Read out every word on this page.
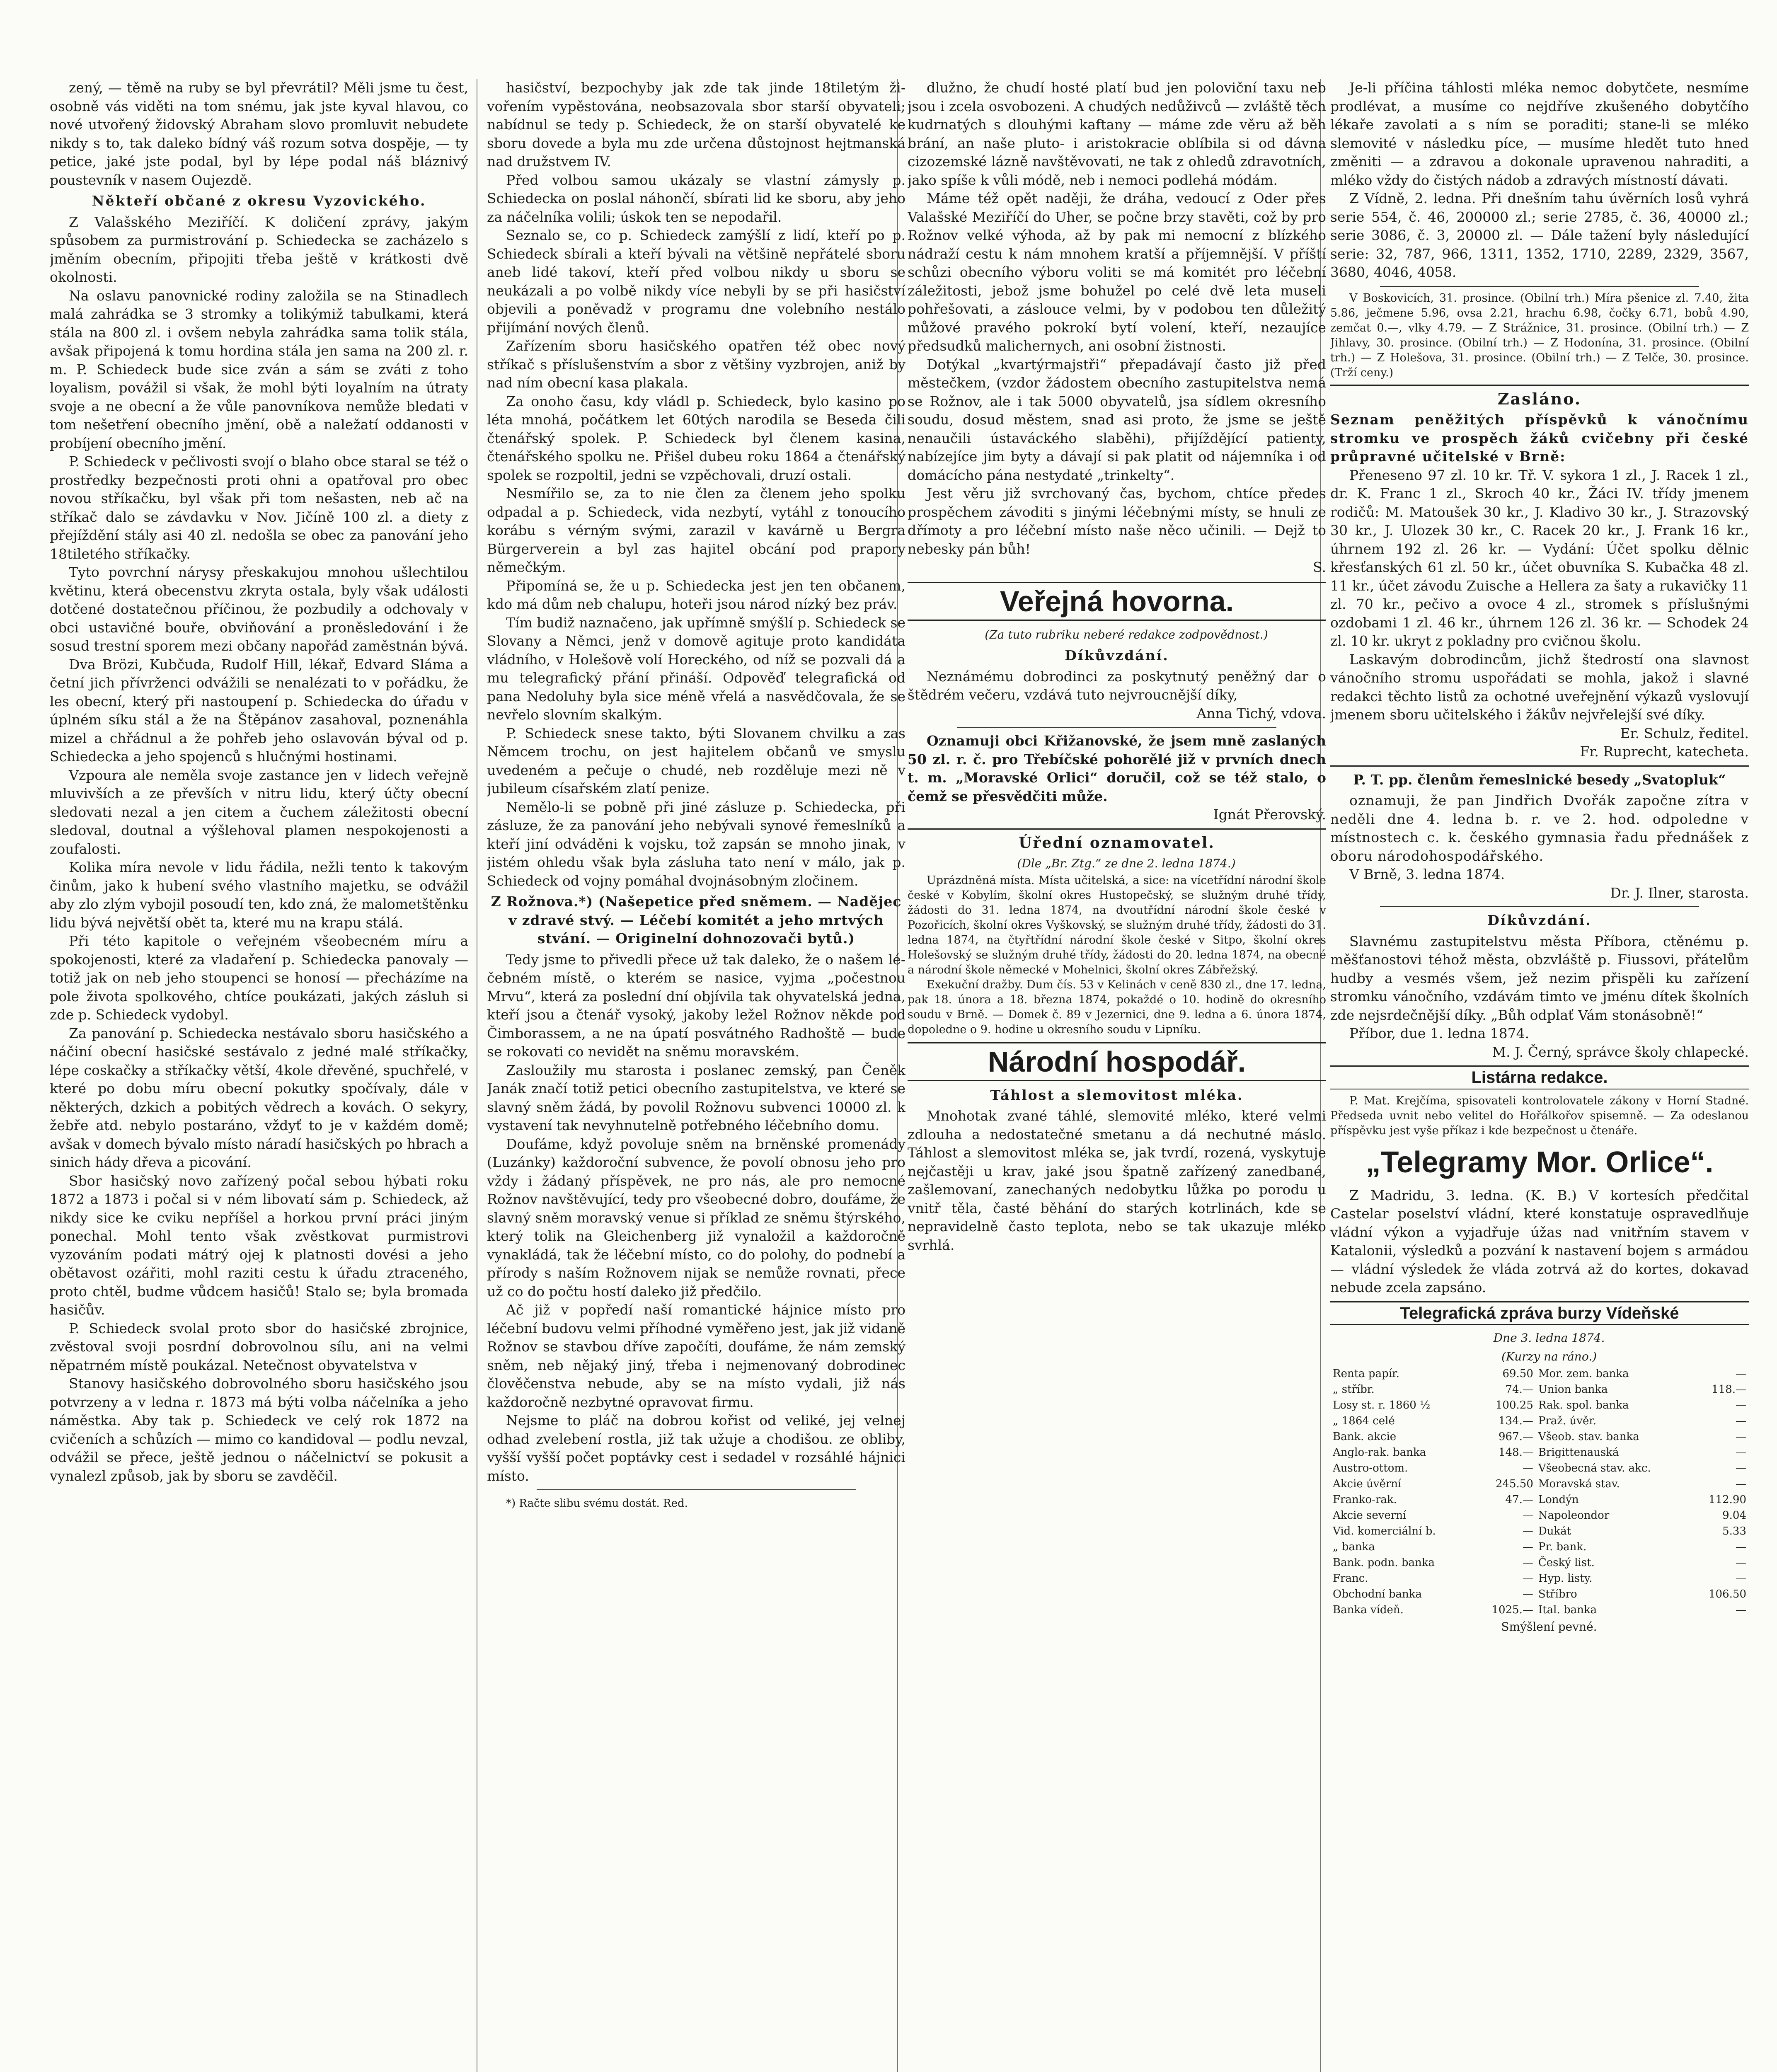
zený, — těmě na ruby se byl převrátil? Měli jsme tu čest, osobně vás viděti na tom snému, jak jste kyval hlavou, co nové utvořený židovský Abraham slovo promluvit nebudete nikdy s to, tak daleko bídný váš rozum sotva dospěje, — ty petice, jaké jste podal, byl by lépe podal náš bláznivý poustevník v nasem Oujezdě.

Někteří občané z okresu Vyzovického.

Z Valašského Meziříčí. K doličení zprávy, jakým spůsobem za purmistrování p. Schiedecka se zacházelo s jměním obecním, připojiti třeba ještě v krátkosti dvě okolnosti.

Na oslavu panovnické rodiny založila se na Stinadlech malá zahrádka se 3 stromky a tolikýmiž tabulkami, která stála na 800 zl. i ovšem nebyla zahrádka sama tolik stála, avšak připojená k tomu hordina stála jen sama na 200 zl. r. m. P. Schiedeck bude sice zván a sám se zváti z toho loyalism, povážil si však, že mohl býti loyalním na útraty svoje a ne obecní a že vůle panovníkova nemůže bledati v tom nešetření obecního jmění, obě a naležatí oddanosti v probíjení obecního jmění.

P. Schiedeck v pečlivosti svojí o blaho obce staral se též o prostředky bezpečnosti proti ohni a opatřoval pro obec novou stříkačku, byl však při tom nešasten, neb ač na stříkač dalo se závdavku v Nov. Jičíně 100 zl. a diety z přejíždění stály asi 40 zl. nedošla se obec za panování jeho 18tiletého stříkačky.

Tyto povrchní nárysy přeskakujou mnohou ušlechtilou květinu, která obecenstvu zkryta ostala, byly však události dotčené dostatečnou příčinou, že pozbudily a odchovaly v obci ustavičné bouře, obviňování a proněsledování i že sosud trestní sporem mezi občany napořád zaměstnán bývá.

Dva Brözi, Kubčuda, Rudolf Hill, lékař, Edvard Sláma a četní jich přívrženci odvážili se nenalézati to v pořádku, že les obecní, který při nastoupení p. Schiedecka do úřadu v úplném síku stál a že na Štěpánov zasahoval, poznenáhla mizel a chřádnul a že pohřeb jeho oslavován býval od p. Schiedecka a jeho spojenců s hlučnými hostinami.

Vzpoura ale neměla svoje zastance jen v lidech veřejně mluvivších a ze převších v nitru lidu, který účty obecní sledovati nezal a jen citem a čuchem záležitosti obecní sledoval, doutnal a výšlehoval plamen nespokojenosti a zoufalosti.

Kolika míra nevole v lidu řádila, nežli tento k takovým činům, jako k hubení svého vlastního majetku, se odvážil aby zlo zlým vybojil posoudí ten, kdo zná, že malometštěnku lidu bývá největší obět ta, které mu na krapu stálá.

Při této kapitole o veřejném všeobecném míru a spokojenosti, které za vladaření p. Schiedecka panovaly — totiž jak on neb jeho stoupenci se honosí — přecházíme na pole života spolkového, chtíce poukázati, jakých zásluh si zde p. Schiedeck vydobyl.

Za panování p. Schiedecka nestávalo sboru hasičského a náčiní obecní hasičské sestávalo z jedné malé stříkačky, lépe coskačky a stříkačky větší, 4kole dřevěné, spuchřelé, v které po dobu míru obecní pokutky spočívaly, dále v některých, dzkich a pobitých vědrech a kovách. O sekyry, žebře atd. nebylo postaráno, vždyť to je v každém domě; avšak v domech bývalo místo náradí hasičských po hbrach a sinich hády dřeva a picování.

Sbor hasičský novo zařízený počal sebou hýbati roku 1872 a 1873 i počal si v ném libovatí sám p. Schiedeck, až nikdy sice ke cviku nepříšel a horkou první práci jiným ponechal. Mohl tento však zvěstkovat purmistrovi vyzováním podati mátrý ojej k platnosti dovési a jeho obětavost ozářiti, mohl raziti cestu k úřadu ztraceného, proto chtěl, budme vůdcem hasičů! Stalo se; byla bromada hasičův.

P. Schiedeck svolal proto sbor do hasičské zbrojnice, zvěstoval svoji posrdní dobrovolnou sílu, ani na velmi něpatrném místě poukázal. Netečnost obyvatelstva v

Stanovy hasičského dobrovolného sboru hasičského jsou potvrzeny a v ledna r. 1873 má býti volba náčelníka a jeho náměstka. Aby tak p. Schiedeck ve celý rok 1872 na cvičeních a schůzích — mimo co kandidoval — podlu nevzal, odvážil se přece, ještě jednou o náčelnictví se pokusit a vynalezl způsob, jak by sboru se zavděčil.

hasičství, bezpochyby jak zde tak jinde 18tiletým živořením vypěstována, neobsazovala sbor starší obyvateli; nabídnul se tedy p. Schiedeck, že on starší obyvatelé ke sboru dovede a byla mu zde určena důstojnost hejtmanská nad družstvem IV.

Před volbou samou ukázaly se vlastní zámysly p. Schiedecka on poslal náhončí, sbírati lid ke sboru, aby jeho za náčelníka volili; úskok ten se nepodařil.

Seznalo se, co p. Schiedeck zamýšlí z lidí, kteří po p. Schiedeck sbírali a kteří bývali na většině nepřátelé sboru aneb lidé takoví, kteří před volbou nikdy u sboru se neukázali a po volbě nikdy více nebyli by se při hasičství objevili a poněvadž v programu dne volebního nestálo přijímání nových členů.

Zařízením sboru hasičského opatřen též obec nový stříkač s příslušenstvím a sbor z většiny vyzbrojen, aniž by nad ním obecní kasa plakala.

Za onoho času, kdy vládl p. Schiedeck, bylo kasino po léta mnohá, počátkem let 60tých narodila se Beseda čili čtenářský spolek. P. Schiedeck byl členem kasina, čtenářského spolku ne. Přišel dubeu roku 1864 a čtenářský spolek se rozpoltil, jedni se vzpěchovali, druzí ostali.

Nesmířilo se, za to nie člen za členem jeho spolku odpadal a p. Schiedeck, vida nezbytí, vytáhl z tonoucího korábu s vérným svými, zarazil v kavárně u Bergra Bürgerverein a byl zas hajitel obcání pod prapory němečkým.

Připomíná se, že u p. Schiedecka jest jen ten občanem, kdo má dům neb chalupu, hoteři jsou národ nízký bez práv.

Tím budiž naznačeno, jak upřímně smýšlí p. Schiedeck se Slovany a Němci, jenž v domově agituje proto kandidáta vládního, v Holešově volí Horeckého, od níž se pozvali dá a mu telegrafický přání přináší. Odpověď telegrafická od pana Nedoluhy byla sice méně vřelá a nasvědčovala, že se nevřelo slovním skalkým.

P. Schiedeck snese takto, býti Slovanem chvilku a zas Němcem trochu, on jest hajitelem občanů ve smyslu uvedeném a pečuje o chudé, neb rozděluje mezi ně v jubileum císařském zlatí penize.

Nemělo-li se pobně při jiné zásluze p. Schiedecka, při zásluze, že za panování jeho nebývali synové řemeslníků a kteří jiní odváděni k vojsku, tož zapsán se mnoho jinak, v jistém ohledu však byla zásluha tato není v málo, jak p. Schiedeck od vojny pomáhal dvojnásobným zločinem.

Z Rožnova.*) (Našepetice před sněmem. — Nadějec v zdravé stvý. — Léčebí komitét a jeho mrtvých stvání. — Originelní dohnozovači bytů.)

Tedy jsme to přivedli přece už tak daleko, že o našem léčebném místě, o kterém se nasice, vyjma „počestnou Mrvu“, která za poslední dní objívila tak ohyvatelská jedna, kteří jsou a čtenář vysoký, jakoby ležel Rožnov někde pod Čimborassem, a ne na úpatí posvátného Radhoště — bude se rokovati co nevidět na sněmu moravském.

Zasloužily mu starosta i poslanec zemský, pan Čeněk Janák značí totiž petici obecního zastupitelstva, ve které se slavný sněm žádá, by povolil Rožnovu subvenci 10000 zl. k vystavení tak nevyhnutelně potřebného léčebního domu.

Doufáme, když povoluje sněm na brněnské promenády (Luzánky) každoroční subvence, že povolí obnosu jeho pro vždy i žádaný příspěvek, ne pro nás, ale pro nemocné Rožnov navštěvující, tedy pro všeobecné dobro, doufáme, že slavný sněm moravský venue si příklad ze sněmu štýrského, který tolik na Gleichenberg již vynaložil a každoročně vynakládá, tak že léčební místo, co do polohy, do podnebí a přírody s naším Rožnovem nijak se nemůže rovnati, přece už co do počtu hostí daleko již předčilo.

Ač již v popředí naší romantické hájnice místo pro léčební budovu velmi příhodné vyměřeno jest, jak již vidaně Rožnov se stavbou dříve započíti, doufáme, že nám zemský sněm, neb nějaký jiný, třeba i nejmenovaný dobrodinec člověčenstva nebude, aby se na místo vydali, již nás každoročně nezbytné opravovat firmu.

Nejsme to pláč na dobrou kořist od veliké, jej velnej odhad zvelebení rostla, již tak užuje a chodišou. ze obliby, vyšší vyšší počet poptávky cest i sedadel v rozsáhlé hájnici místo.

*) Račte slibu svému dostát. Red.

dlužno, že chudí hosté platí bud jen poloviční taxu neb jsou i zcela osvobozeni. A chudých nedůživců — zvláště těch kudrnatých s dlouhými kaftany — máme zde věru až běh brání, an naše pluto- i aristokracie oblíbila si od dávna cizozemské lázně navštěvovati, ne tak z ohledů zdravotních, jako spíše k vůli módě, neb i nemoci podlehá módám.

Máme též opět naději, že dráha, vedoucí z Oder přes Valašské Meziříčí do Uher, se počne brzy stavěti, což by pro Rožnov velké výhoda, až by pak mi nemocní z blízkého nádraží cestu k nám mnohem kratší a příjemnější. V příští schůzi obecního výboru voliti se má komitét pro léčební záležitosti, jebož jsme bohužel po celé dvě leta museli pohřešovati, a záslouce velmi, by v podobou ten důležitý můžové pravého pokrokí bytí volení, kteří, nezaujíce předsudků malichernych, ani osobní žistnosti.

Dotýkal „kvartýrmajstři“ přepadávají často již před městečkem, (vzdor žádostem obecního zastupitelstva nemá se Rožnov, ale i tak 5000 obyvatelů, jsa sídlem okresního soudu, dosud městem, snad asi proto, že jsme se ještě nenaučili ústaváckého slaběhi), přijíždějící patienty, nabízejíce jim byty a dávají si pak platit od nájemníka i od domácícho pána nestydaté „trinkelty“.

Jest věru již svrchovaný čas, bychom, chtíce předes prospěchem závoditi s jinými léčebnými místy, se hnuli ze dřímoty a pro léčební místo naše něco učinili. — Dejž to nebesky pán bůh!

S.

Veřejná hovorna.

(Za tuto rubriku neberé redakce zodpovědnost.)

Díkůvzdání.

Neznámému dobrodinci za poskytnutý peněžný dar o štědrém večeru, vzdává tuto nejvroucnější díky,

Anna Tichý, vdova.

Oznamuji obci Křižanovské, že jsem mně zaslaných 50 zl. r. č. pro Třebíčské pohorělé již v prvních dnech t. m. „Moravské Orlici“ doručil, což se též stalo, o čemž se přesvědčiti může.

Ignát Přerovský.

Úřední oznamovatel.

(Dle „Br. Ztg.“ ze dne 2. ledna 1874.)

Uprázdněná místa. Místa učitelská, a sice: na vícetřídní národní škole české v Kobylím, školní okres Hustopečský, se služným druhé třídy, žádosti do 31. ledna 1874, na dvoutřídní národní škole české v Pozořicích, školní okres Vyškovský, se služným druhé třídy, žádosti do 31. ledna 1874, na čtyřtřídní národní škole české v Sitpo, školní okres Holešovský se služným druhé třídy, žádosti do 20. ledna 1874, na obecné a národní škole německé v Mohelnici, školní okres Zábřežský.

Exekuční dražby. Dum čís. 53 v Kelinách v ceně 830 zl., dne 17. ledna, pak 18. února a 18. března 1874, pokaždé o 10. hodině do okresního soudu v Brně. — Domek č. 89 v Jezernici, dne 9. ledna a 6. února 1874, dopoledne o 9. hodine u okresního soudu v Lipníku.

Národní hospodář.

Táhlost a slemovitost mléka.

Mnohotak zvané táhlé, slemovité mléko, které velmi zdlouha a nedostatečné smetanu a dá nechutné máslo. Táhlost a slemovitost mléka se, jak tvrdí, rozená, vyskytuje nejčastěji u krav, jaké jsou špatně zařízený zanedbané, zašlemovaní, zanechaných nedobytku lůžka po porodu u vnitř těla, časté běhání do starých kotrlinách, kde se nepravidelně často teplota, nebo se tak ukazuje mléko svrhlá.

Je-li příčina táhlosti mléka nemoc dobytčete, nesmíme prodlévat, a musíme co nejdříve zkušeného dobytčího lékaře zavolati a s ním se poraditi; stane-li se mléko slemovité v následku píce, — musíme hledět tuto hned změniti — a zdravou a dokonale upravenou nahraditi, a mléko vždy do čistých nádob a zdravých místností dávati.

Z Vídně, 2. ledna. Při dnešním tahu úvěrních losů vyhrá serie 554, č. 46, 200000 zl.; serie 2785, č. 36, 40000 zl.; serie 3086, č. 3, 20000 zl. — Dále tažení byly následující serie: 32, 787, 966, 1311, 1352, 1710, 2289, 2329, 3567, 3680, 4046, 4058.

V Boskovicích, 31. prosince. (Obilní trh.) Míra pšenice zl. 7.40, žita 5.86, ječmene 5.96, ovsa 2.21, hrachu 6.98, čočky 6.71, bobů 4.90, zemčat 0.—, vlky 4.79. — Z Strážnice, 31. prosince. (Obilní trh.) — Z Jihlavy, 30. prosince. (Obilní trh.) — Z Hodonína, 31. prosince. (Obilní trh.) — Z Holešova, 31. prosince. (Obilní trh.) — Z Telče, 30. prosince. (Trží ceny.)

Zasláno.

Seznam peněžitých příspěvků k vánočnímu stromku ve prospěch žáků cvičebny při české průpravné učitelské v Brně:

Přeneseno 97 zl. 10 kr. Tř. V. sykora 1 zl., J. Racek 1 zl., dr. K. Franc 1 zl., Skroch 40 kr., Žáci IV. třídy jmenem rodičů: M. Matoušek 30 kr., J. Kladivo 30 kr., J. Strazovský 30 kr., J. Ulozek 30 kr., C. Racek 20 kr., J. Frank 16 kr., úhrnem 192 zl. 26 kr. — Vydání: Účet spolku dělnic křesťanských 61 zl. 50 kr., účet obuvníka S. Kubačka 48 zl. 11 kr., účet závodu Zuische a Hellera za šaty a rukavičky 11 zl. 70 kr., pečivo a ovoce 4 zl., stromek s příslušnými ozdobami 1 zl. 46 kr., úhrnem 126 zl. 36 kr. — Schodek 24 zl. 10 kr. ukryt z pokladny pro cvičnou školu.

Laskavým dobrodincům, jichž štedrostí ona slavnost vánočního stromu uspořádati se mohla, jakož i slavné redakci těchto listů za ochotné uveřejnění výkazů vyslovují jmenem sboru učitelského i žákův nejvřelejší své díky.

Er. Schulz, ředitel.

Fr. Ruprecht, katecheta.

P. T. pp. členům řemeslnické besedy „Svatopluk“

oznamuji, že pan Jindřich Dvořák započne zítra v neděli dne 4. ledna b. r. ve 2. hod. odpoledne v místnostech c. k. českého gymnasia řadu přednášek z oboru národohospodářského.

V Brně, 3. ledna 1874.

Dr. J. Ilner, starosta.

Díkůvzdání.

Slavnému zastupitelstvu města Příbora, ctěnému p. měšťanostovi téhož města, obzvláště p. Fiussovi, přátelům hudby a vesmés všem, jež nezim přispěli ku zařízení stromku vánočního, vzdávám timto ve jménu dítek školních zde nejsrdečnější díky. „Bůh odplať Vám stonásobně!“

Příbor, due 1. ledna 1874.

M. J. Černý, správce školy chlapecké.

Listárna redakce.

P. Mat. Krejčíma, spisovateli kontrolovatele zákony v Horní Stadné. Předseda uvnit nebo velitel do Hořálkořov spisemně. — Za odeslanou příspěvku jest vyše příkaz i kde bezpečnost u čtenáře.

„Telegramy Mor. Orlice“.

Z Madridu, 3. ledna. (K. B.) V kortesích předčital Castelar poselství vládní, které konstatuje ospravedlňuje vládní výkon a vyjadřuje úžas nad vnitřním stavem v Katalonii, výsledků a pozvání k nastavení bojem s armádou — vládní výsledek že vláda zotrvá až do kortes, dokavad nebude zcela zapsáno.

Telegrafická zpráva burzy Vídeňské

Dne 3. ledna 1874.

(Kurzy na ráno.)

Renta papír.	69.50	Mor. zem. banka	—
„ stříbr.	74.—	Union banka	118.—
Losy st. r. 1860 ½	100.25	Rak. spol. banka	—
„ 1864 celé	134.—	Praž. úvěr.	—
Bank. akcie	967.—	Všeob. stav. banka	—
Anglo-rak. banka	148.—	Brigittenauská	—
Austro-ottom.	—	Všeobecná stav. akc.	—
Akcie úvěrní	245.50	Moravská stav.	—
Franko-rak.	47.—	Londýn	112.90
Akcie severní	—	Napoleondor	9.04
Vid. komerciální b.	—	Dukát	5.33
„ banka	—	Pr. bank.	—
Bank. podn. banka	—	Český list.	—
Franc.	—	Hyp. listy.	—
Obchodní banka	—	Stříbro	106.50
Banka vídeň.	1025.—	Ital. banka	—

Smýšlení pevné.
